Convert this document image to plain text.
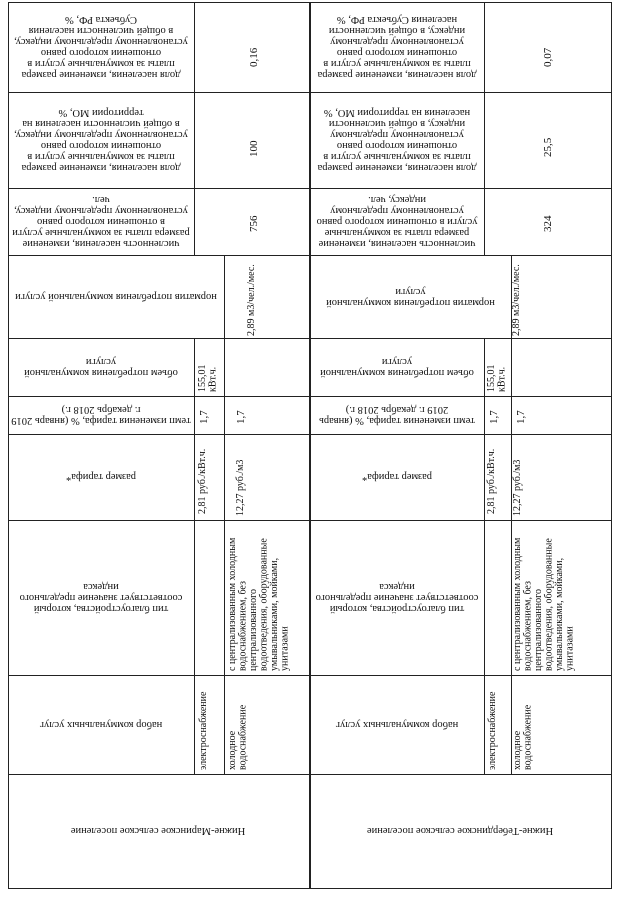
доля населения, изменение размера платы за коммунальные услуги в отношении которого равно установленному предельному индексу, в общей численности населения Субъекта РФ, %
доля населения, изменение размера платы за коммунальные услуги в отношении которого равно установленному предельному индексу, в общей численности населения на территории МО, %
численность населения, изменение размера платы за коммунальные услуги в отношении которого равно установленному предельному индексу, чел.
норматив потребления коммунальной услуги
объем потребления коммунальной услуги
темп изменения тарифа, % (январь 2019 г. декабрь 2018 г.)
размер тарифа*
тип благоустройства, который соответствует значение предельного индекса
набор коммунальных услуг
Нижне-Маринское сельское поселение
0,16
100
756
2,89 м3/чел./мес.
155,01 кВт.ч.
1,7 1,7
2,81 руб./кВт.ч.	12,27 руб./м3
с централизованным холодным водоснабжением, без централизованного водоотведения, оборудованные умывальниками, мойками, унитазами
электроснабжение холодное водоснабжение
доля населения, изменение размера платы за коммунальные услуги в отношении которого равно установленному предельному индексу, в общей численности населения Субъекта РФ, %
доля населения, изменение размера платы за коммунальные услуги в отношении которого равно установленному предельному индексу, в общей численности населения на территории МО, %
численность населения, изменение размера платы за коммунальные услуги в отношении которого равно установленному предельному индексу, чел.
норматив потребления коммунальной услуги
объем потребления коммунальной услуги
темп изменения тарифа, % (январь 2019 г. декабрь 2018 г.)
размер тарифа*
тип благоустройства, который соответствует значение предельного индекса
набор коммунальных услуг
Нижне-Тебердинское сельское поселение
0,07
25,5
324
2,89 м3/чел./мес.
155,01 кВт.ч.
1,7 1,7
2,81 руб./кВт.ч. 12,27 руб./м3
с централизованным холодным водоснабжением, без централизованного водоотведения, оборудованные умывальниками, мойками, унитазами
электроснабжение холодное водоснабжение
